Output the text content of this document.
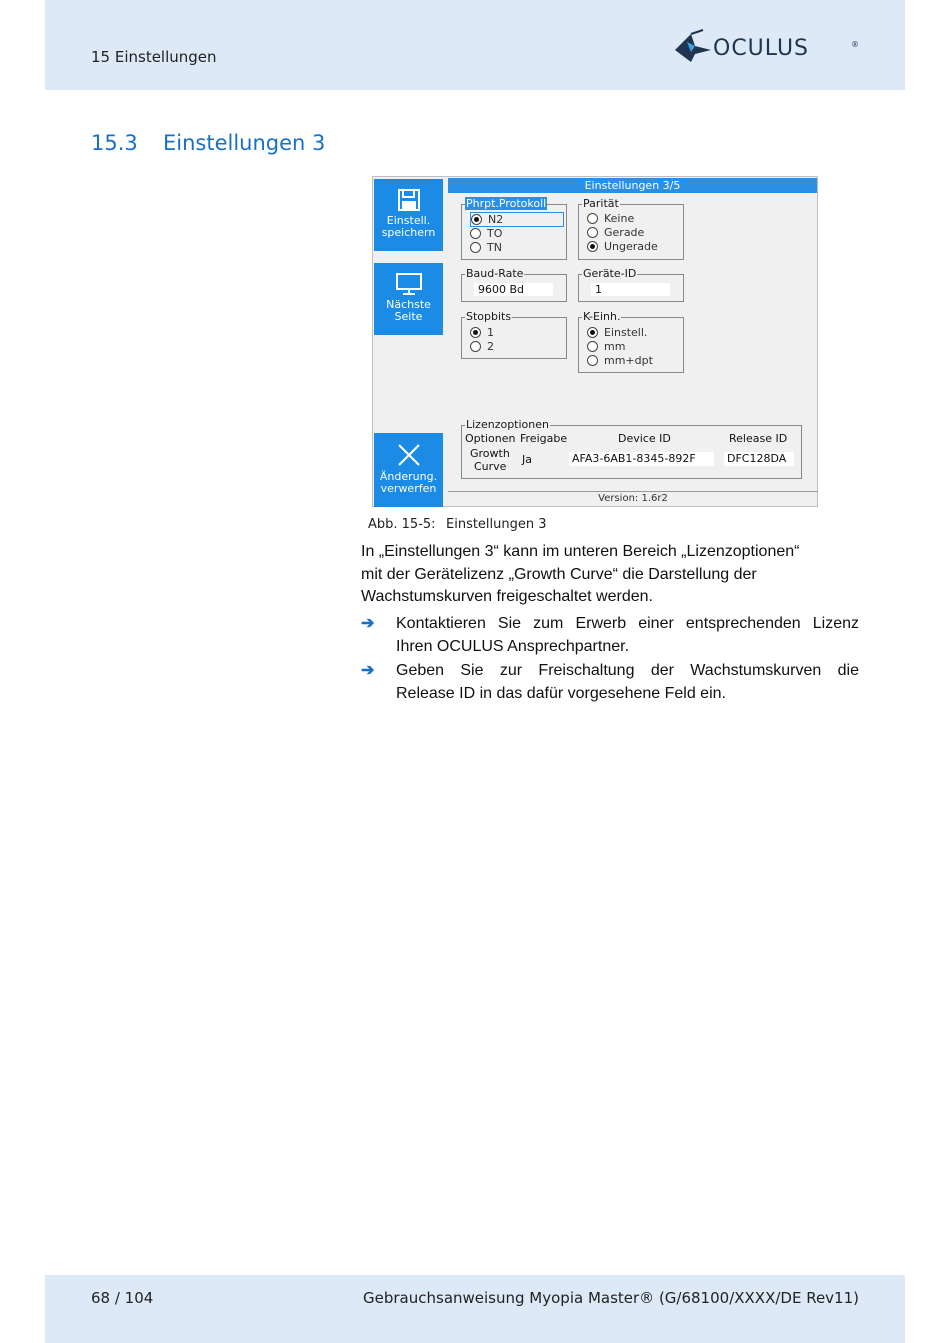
15 Einstellungen	OCULUS	®
15.3 Einstellungen 3
Einstell.
speichern
Nächste
Seite
Änderung.
verwerfen
Einstellungen 3/5
Phrpt.Protokoll
N2
TO
TN
Parität
Keine
Gerade
Ungerade
Baud-Rate
9600 Bd
Geräte-ID
1
Stopbits
1
2
K-Einh.
Einstell.
mm
mm+dpt
Lizenzoptionen
Optionen Freigabe	Device ID	Release ID
Growth
Curve
Ja	AFA3-6AB1-8345-892F	DFC128DA
Version: 1.6r2
Abb. 15-5: Einstellungen 3
In „Einstellungen 3“ kann im unteren Bereich „Lizenzoptionen“
mit der Gerätelizenz „Growth Curve“ die Darstellung der
Wachstumskurven freigeschaltet werden.
➔ Kontaktieren Sie zum Erwerb einer entsprechenden Lizenz
Ihren OCULUS Ansprechpartner.
➔ Geben Sie zur Freischaltung der Wachstumskurven die
Release ID in das dafür vorgesehene Feld ein.
68 / 104	Gebrauchsanweisung Myopia Master® (G/68100/XXXX/DE Rev11)
